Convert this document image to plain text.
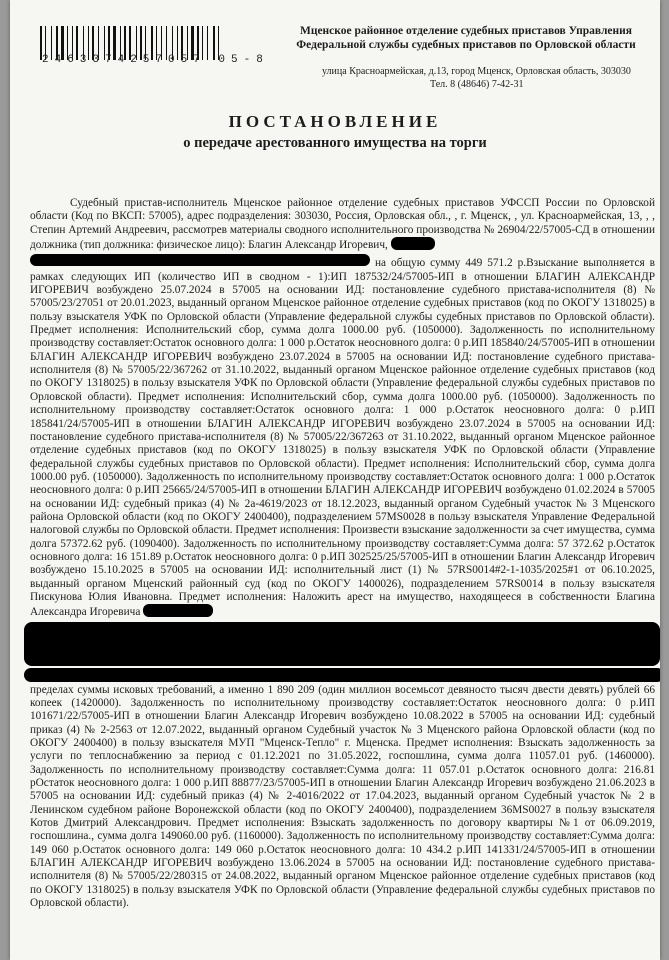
2463374257057 05-8
Мценское районное отделение судебных приставов Управления Федеральной службы судебных приставов по Орловской области
улица Красноармейская, д.13, город Мценск, Орловская область, 303030
Тел. 8 (48646) 7-42-31
ПОСТАНОВЛЕНИЕ
о передаче арестованного имущества на торги

Судебный пристав-исполнитель Мценское районное отделение судебных приставов УФССП России по Орловской области (Код по ВКСП: 57005), адрес подразделения: 303030, Россия, Орловская обл., , г. Мценск, , ул. Красноармейская, 13, , , Степин Артемий Андреевич, рассмотрев материалы сводного исполнительного производства № 26904/22/57005-СД в отношении должника (тип должника: физическое лицо): Благин Александр Игоревич,

на общую сумму 449 571.2 р.Взыскание выполняется в рамках следующих ИП (количество ИП в сводном - 1):ИП 187532/24/57005-ИП в отношении БЛАГИН АЛЕКСАНДР ИГОРЕВИЧ возбуждено 25.07.2024 в 57005 на основании ИД: постановление судебного пристава-исполнителя (8) № 57005/23/27051 от 20.01.2023, выданный органом Мценское районное отделение судебных приставов (код по ОКОГУ 1318025) в пользу взыскателя УФК по Орловской области (Управление федеральной службы судебных приставов по Орловской области). Предмет исполнения: Исполнительский сбор, сумма долга 1000.00 руб. (1050000). Задолженность по исполнительному производству составляет:Остаток основного долга: 1 000 р.Остаток неосновного долга: 0 р.ИП 185840/24/57005-ИП в отношении БЛАГИН АЛЕКСАНДР ИГОРЕВИЧ возбуждено 23.07.2024 в 57005 на основании ИД: постановление судебного пристава-исполнителя (8) № 57005/22/367262 от 31.10.2022, выданный органом Мценское районное отделение судебных приставов (код по ОКОГУ 1318025) в пользу взыскателя УФК по Орловской области (Управление федеральной службы судебных приставов по Орловской области). Предмет исполнения: Исполнительский сбор, сумма долга 1000.00 руб. (1050000). Задолженность по исполнительному производству составляет:Остаток основного долга: 1 000 р.Остаток неосновного долга: 0 р.ИП 185841/24/57005-ИП в отношении БЛАГИН АЛЕКСАНДР ИГОРЕВИЧ возбуждено 23.07.2024 в 57005 на основании ИД: постановление судебного пристава-исполнителя (8) № 57005/22/367263 от 31.10.2022, выданный органом Мценское районное отделение судебных приставов (код по ОКОГУ 1318025) в пользу взыскателя УФК по Орловской области (Управление федеральной службы судебных приставов по Орловской области). Предмет исполнения: Исполнительский сбор, сумма долга 1000.00 руб. (1050000). Задолженность по исполнительному производству составляет:Остаток основного долга: 1 000 р.Остаток неосновного долга: 0 р.ИП 25665/24/57005-ИП в отношении БЛАГИН АЛЕКСАНДР ИГОРЕВИЧ возбуждено 01.02.2024 в 57005 на основании ИД: судебный приказ (4) № 2а-4619/2023 от 18.12.2023, выданный органом Судебный участок № 3 Мценского района Орловской области (код по ОКОГУ 2400400), подразделением 57MS0028 в пользу взыскателя Управление Федеральной налоговой службы по Орловской области. Предмет исполнения: Произвести взыскание задолженности за счет имущества, сумма долга 57372.62 руб. (1090400). Задолженность по исполнительному производству составляет:Сумма долга: 57 372.62 р.Остаток основного долга: 16 151.89 р.Остаток неосновного долга: 0 р.ИП 302525/25/57005-ИП в отношении Благин Александр Игоревич возбуждено 15.10.2025 в 57005 на основании ИД: исполнительный лист (1) № 57RS0014#2-1-1035/2025#1 от 06.10.2025, выданный органом Мценский районный суд (код по ОКОГУ 1400026), подразделением 57RS0014 в пользу взыскателя Пискунова Юлия Ивановна. Предмет исполнения: Наложить арест на имущество, находящееся в собственности Благина Александра Игоревича

пределах суммы исковых требований, а именно 1 890 209 (один миллион восемьсот девяносто тысяч двести девять) рублей 66 копеек (1420000). Задолженность по исполнительному производству составляет:Остаток неосновного долга: 0 р.ИП 101671/22/57005-ИП в отношении Благин Александр Игоревич возбуждено 10.08.2022 в 57005 на основании ИД: судебный приказ (4) № 2-2563 от 12.07.2022, выданный органом Судебный участок № 3 Мценского района Орловской области (код по ОКОГУ 2400400) в пользу взыскателя МУП "Мценск-Тепло" г. Мценска. Предмет исполнения: Взыскать задолженность за услуги по теплоснабжению за период с 01.12.2021 по 31.05.2022, госпошлина, сумма долга 11057.01 руб. (1460000). Задолженность по исполнительному производству составляет:Сумма долга: 11 057.01 р.Остаток основного долга: 216.81 рОстаток неосновного долга: 1 000 р.ИП 88877/23/57005-ИП в отношении Благин Александр Игоревич возбуждено 21.06.2023 в 57005 на основании ИД: судебный приказ (4) № 2-4016/2022 от 17.04.2023, выданный органом Судебный участок № 2 в Ленинском судебном районе Воронежской области (код по ОКОГУ 2400400), подразделением 36MS0027 в пользу взыскателя Котов Дмитрий Александрович. Предмет исполнения: Взыскать задолженность по договору квартиры №1 от 06.09.2019, госпошлина., сумма долга 149060.00 руб. (1160000). Задолженность по исполнительному производству составляет:Сумма долга: 149 060 р.Остаток основного долга: 149 060 р.Остаток неосновного долга: 10 434.2 р.ИП 141331/24/57005-ИП в отношении БЛАГИН АЛЕКСАНДР ИГОРЕВИЧ возбуждено 13.06.2024 в 57005 на основании ИД: постановление судебного пристава-исполнителя (8) № 57005/22/280315 от 24.08.2022, выданный органом Мценское районное отделение судебных приставов (код по ОКОГУ 1318025) в пользу взыскателя УФК по Орловской области (Управление федеральной службы судебных приставов по Орловской области).
